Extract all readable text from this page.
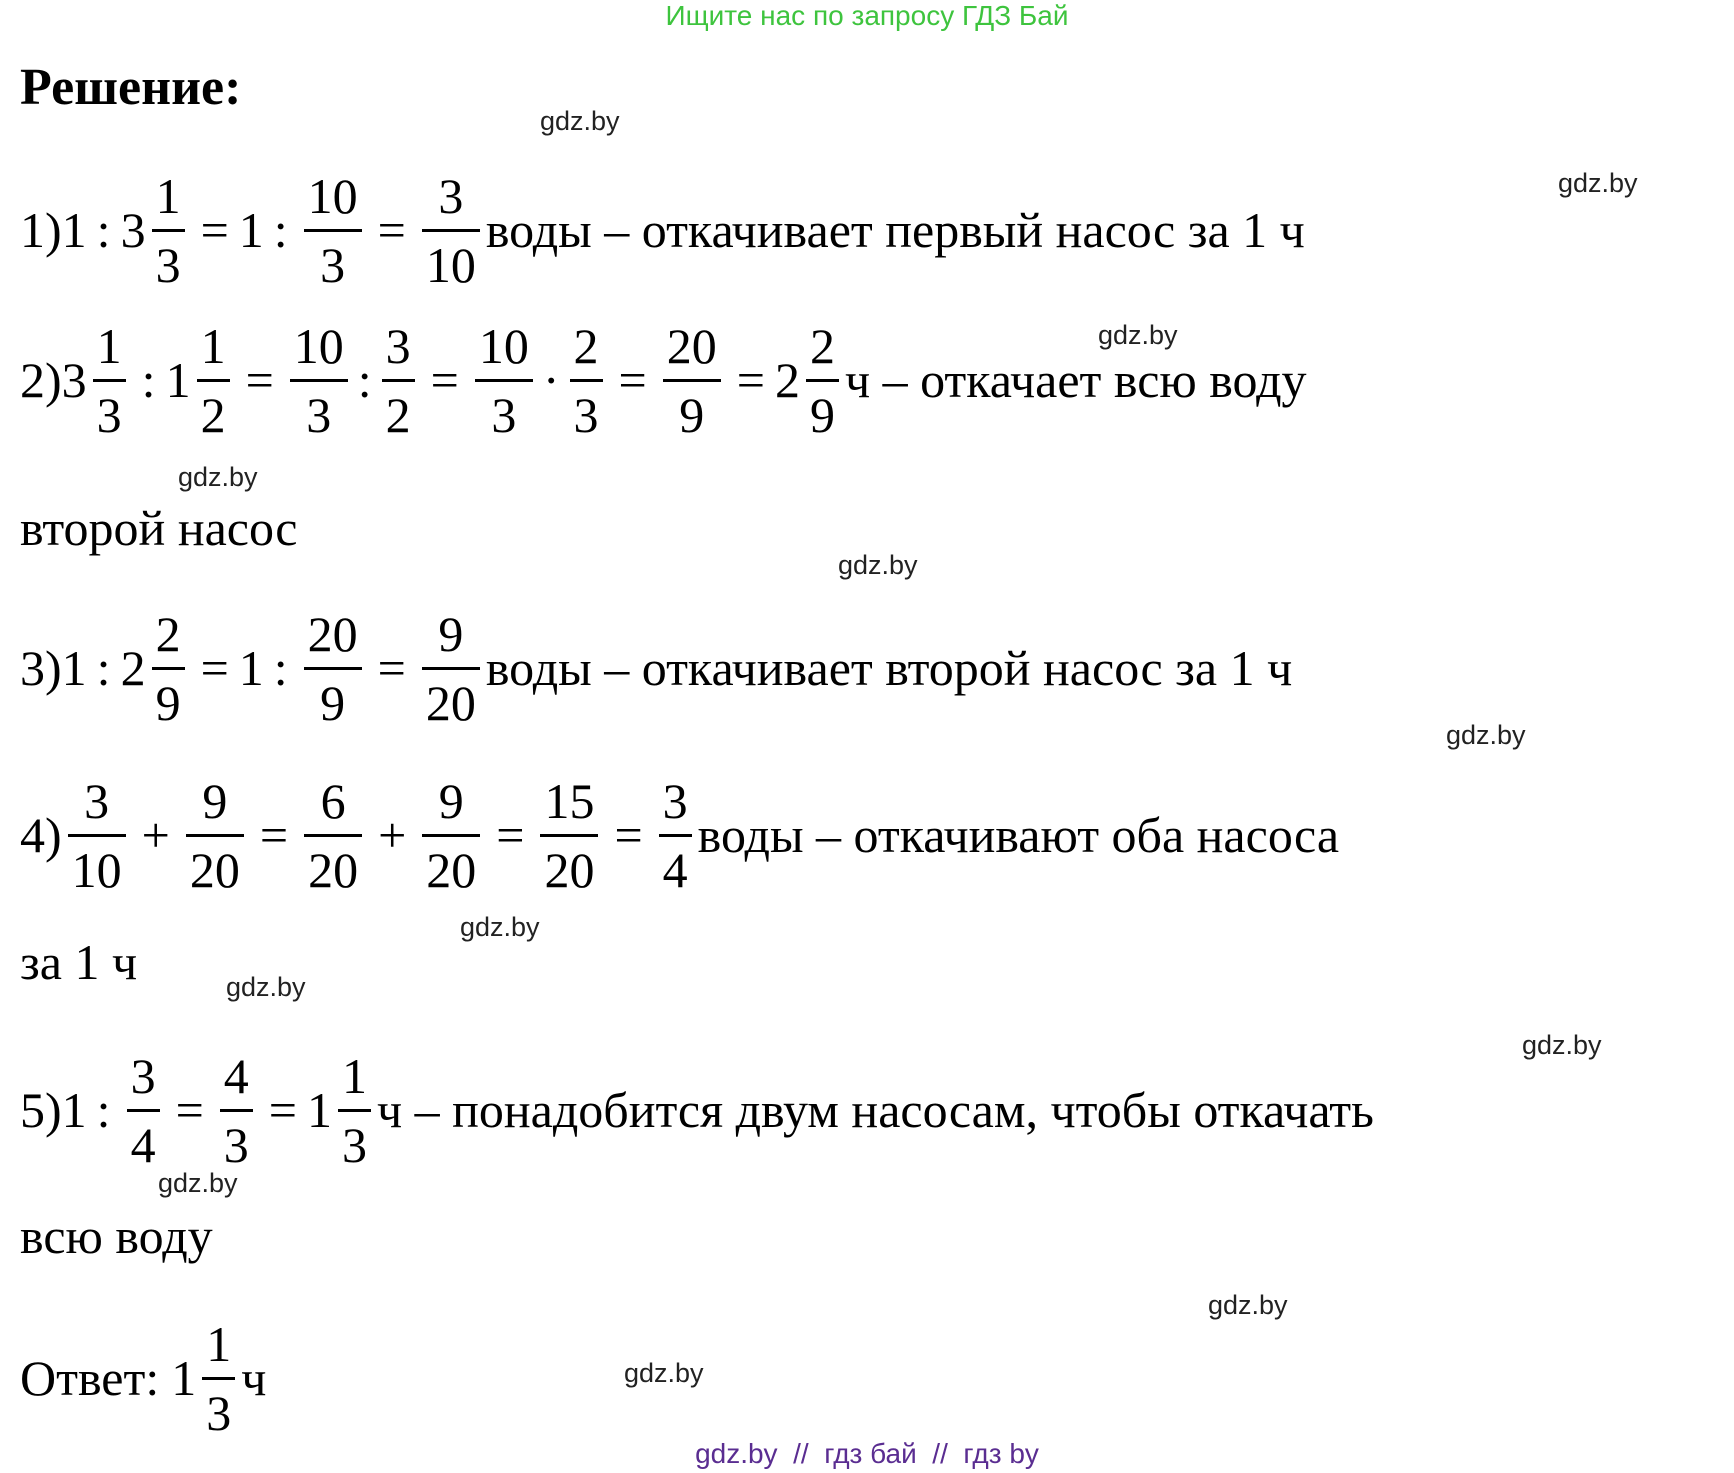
Ищите нас по запросу ГДЗ Бай
Решение:
gdz.by
gdz.by
gdz.by
gdz.by
gdz.by
gdz.by
gdz.by
gdz.by
gdz.by
gdz.by
gdz.by
gdz.by
1) 1 : $3 \frac{1}{3} = 1$ : $\frac{10}{3} = \frac{3}{10}$ воды – откачивает первый насос за 1 ч
2) $3 \frac{1}{3}$ : $1 \frac{1}{2} = \frac{10}{3}$ : $\frac{3}{2} = \frac{10}{3} \cdot \frac{2}{3} = \frac{20}{9} = 2 \frac{2}{9}$ ч – откачает всю воду
второй насос
3) 1 : $2 \frac{2}{9} = 1$ : $\frac{20}{9} = \frac{9}{20}$ воды – откачивает второй насос за 1 ч
$4) \frac{3}{10} + \frac{9}{20} = \frac{6}{20} + \frac{9}{20} = \frac{15}{20} = \frac{3}{4}$ воды – откачивают оба насоса
за 1 ч
5) 1 : $\frac{3}{4} = \frac{4}{3} = 1 \frac{1}{3}$ ч – понадобится двум насосам, чтобы откачать
всю воду
Ответ: $1 \frac{1}{3}$ ч
gdz.by  //  гдз бай  //  гдз by
